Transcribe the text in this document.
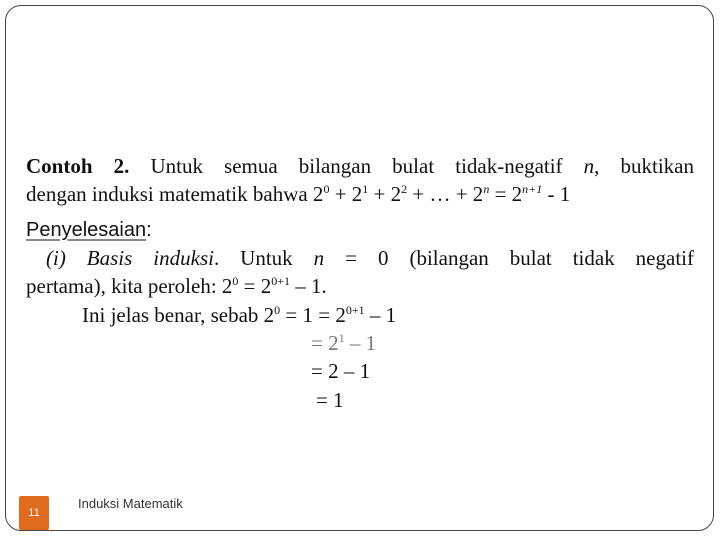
Contoh 2. Untuk semua bilangan bulat tidak-negatif n, buktikan
dengan induksi matematik bahwa $2^0 + 2^1 + 2^2$ + … + $2^n = 2^{n+1} - 1$
Penyelesaian:
(i) Basis induksi. Untuk n = 0 (bilangan bulat tidak negatif
pertama), kita peroleh: $2^0 = 2^{0+1} - 1$.
Ini jelas benar, sebab $2^0 = 1 = 2^{0+1} - 1$
= $2^1 - 1$
= 2 – 1
= 1
11
Induksi Matematik
